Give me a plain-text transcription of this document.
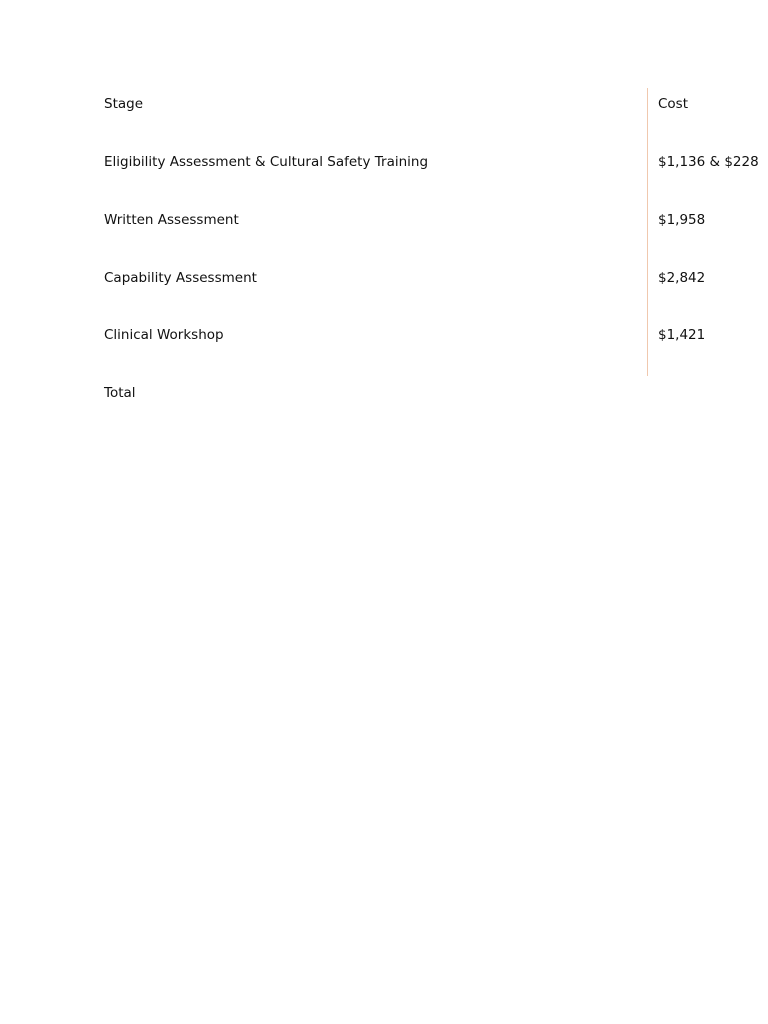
Stage	Cost
Eligibility Assessment & Cultural Safety Training	$1,136 & $228
Written Assessment	$1,958
Capability Assessment	$2,842
Clinical Workshop	$1,421
Total
